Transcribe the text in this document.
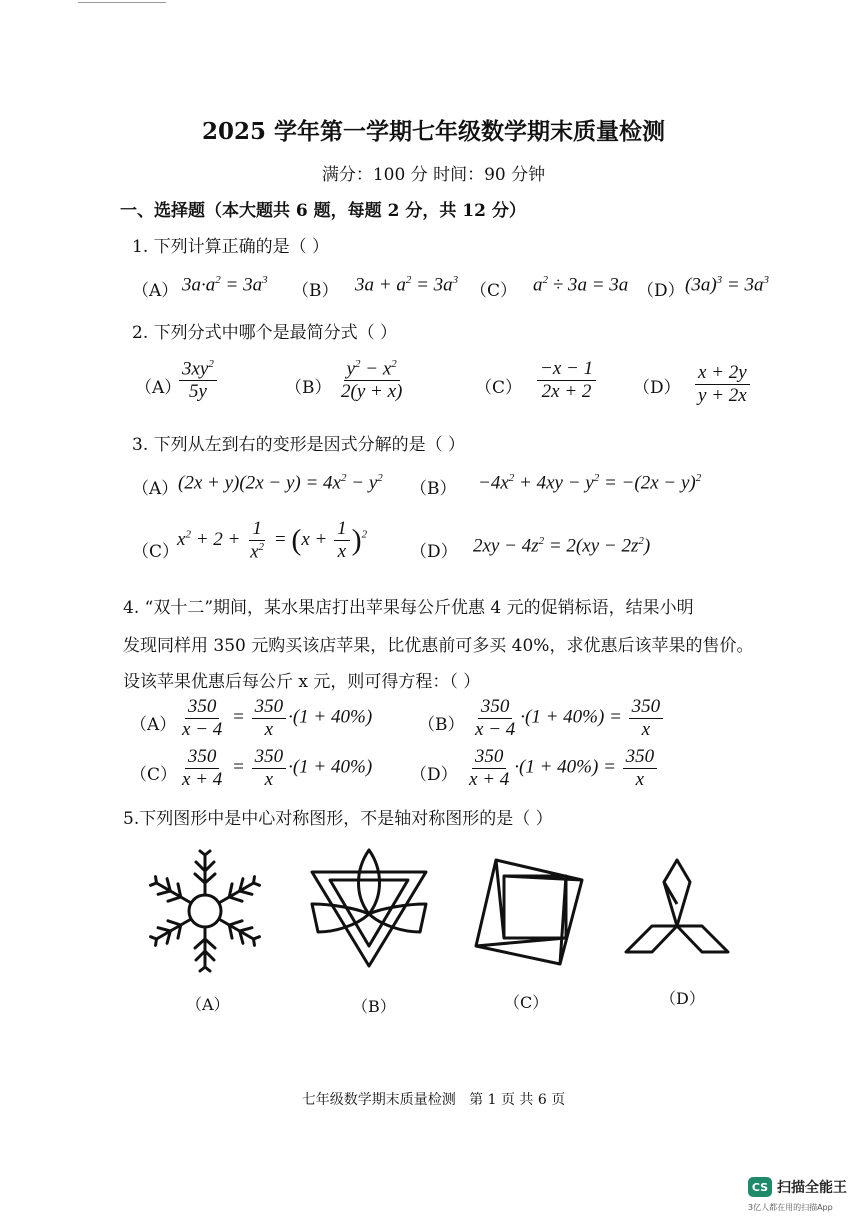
2025 学年第一学期七年级数学期末质量检测
满分：100 分 时间：90 分钟
一、选择题（本大题共 6 题，每题 2 分，共 12 分）
1. 下列计算正确的是（ ）
（A） $3a\cdot a^2 = 3a^3$
（B） $3a + a^2 = 3a^3$
（C） $a^2 \div 3a = 3a$ （D） $(3a)^3 = 3a^3$
2. 下列分式中哪个是最简分式（ ）
（A）
$\frac{3xy^2}{5y}$	$(B) \frac{y^2 - x^2}{2(y + x)}$	$(C) \frac{-x - 1}{2x + 2} (D) \frac{x + 2y}{y + 2x}$
3. 下列从左到右的变形是因式分解的是（ ）
（A） $(2x + y)(2x - y) = 4x^2 - y^2$
$(B) -4x^2 + 4xy - y^2 = -(2x - y)^2$
（C）
$x^2 + 2 + \frac{1}{x^2} = (x + \frac{1}{x} )^2$
（D） $2xy - 4z^2 = 2(xy - 2z^2)$
4. “双十二”期间，某水果店打出苹果每公斤优惠 4 元的促销标语，结果小明
发现同样用 350 元购买该店苹果，比优惠前可多买 40%，求优惠后该苹果的售价。
设该苹果优惠后每公斤 x 元，则可得方程：（ ）
$(A) \frac{350}{x - 4} = \frac{350}{x} \cdot(1 + 40\%)$	$(B) \frac{350}{x - 4} \cdot(1 + 40\%) = \frac{350}{x}$
$(C) \frac{350}{x + 4} = \frac{350}{x} \cdot(1 + 40\%)$ $(D) \frac{350}{x + 4} \cdot(1 + 40\%) = \frac{350}{x}$
5.下列图形中是中心对称图形，不是轴对称图形的是（ ）
（A）	（B）	（C）	（D）
七年级数学期末质量检测   第 1 页 共 6 页
CS 扫描全能王
3亿人都在用的扫描App
